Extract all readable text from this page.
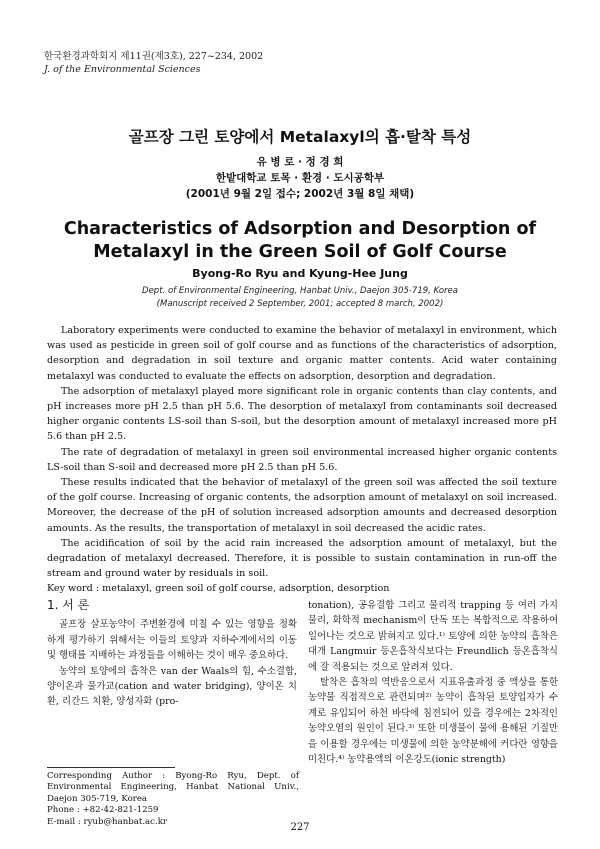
한국환경과학회지 제11권(제3호), 227~234, 2002
J. of the Environmental Sciences
골프장 그린 토양에서 Metalaxyl의 흡·탈착 특성
유 병 로 · 정 경 희
한밭대학교 토목 · 환경 · 도시공학부
(2001년 9월 2일 접수; 2002년 3월 8일 채택)
Characteristics of Adsorption and Desorption of
Metalaxyl in the Green Soil of Golf Course
Byong-Ro Ryu and Kyung-Hee Jung
Dept. of Environmental Engineering, Hanbat Univ., Daejon 305-719, Korea
(Manuscript received 2 September, 2001; accepted 8 march, 2002)

Laboratory experiments were conducted to examine the behavior of metalaxyl in environment, which was used as pesticide in green soil of golf course and as functions of the characteristics of adsorption, desorption and degradation in soil texture and organic matter contents. Acid water containing metalaxyl was conducted to evaluate the effects on adsorption, desorption and degradation.

The adsorption of metalaxyl played more significant role in organic contents than clay contents, and pH increases more pH 2.5 than pH 5.6. The desorption of metalaxyl from contaminants soil decreased higher organic contents LS-soil than S-soil, but the desorption amount of metalaxyl increased more pH 5.6 than pH 2.5.

The rate of degradation of metalaxyl in green soil environmental increased higher organic contents LS-soil than S-soil and decreased more pH 2.5 than pH 5.6.

These results indicated that the behavior of metalaxyl of the green soil was affected the soil texture of the golf course. Increasing of organic contents, the adsorption amount of metalaxyl on soil increased. Moreover, the decrease of the pH of solution increased adsorption amounts and decreased desorption amounts. As the results, the transportation of metalaxyl in soil decreased the acidic rates.

The acidification of soil by the acid rain increased the adsorption amount of metalaxyl, but the degradation of metalaxyl decreased. Therefore, it is possible to sustain contamination in run-off the stream and ground water by residuals in soil.

Key word : metalaxyl, green soil of golf course, adsorption, desorption

1. 서 론

골프장 살포농약이 주변환경에 미칠 수 있는 영향을 정확하게 평가하기 위해서는 이들의 토양과 지하수계에서의 이동 및 행태를 지배하는 과정들을 이해하는 것이 매우 중요하다.

농약의 토양에의 흡착은 van der Waals의 힘, 수소결합, 양이온과 물가교(cation and water bridging), 양이온 치환, 리간드 치환, 양성자화 (pro-

tonation), 공유결합 그리고 물리적 trapping 등 여러 가지 물리, 화학적 mechanism이 단독 또는 복합적으로 작용하여 일어나는 것으로 밝혀지고 있다.¹⁾ 토양에 의한 농약의 흡착은 대개 Langmuir 등온흡착식보다는 Freundlich 등온흡착식에 잘 적용되는 것으로 알려져 있다.

탈착은 흡착의 역반응으로서 지표유출과정 중 액상을 통한 농약물 직접적으로 관련되며²⁾ 농약이 흡착된 토양입자가 수계로 유입되어 하천 바닥에 침전되어 있을 경우에는 2차적인 농약오염의 원인이 된다.³⁾ 또한 미생물이 물에 용해된 기질만을 이용할 경우에는 미생물에 의한 농약분해에 커다란 영향을 미친다.⁴⁾ 농약용액의 이온강도(ionic strength)

Corresponding Author : Byong-Ro Ryu, Dept. of Environmental Engineering, Hanbat National Univ., Daejon 305-719, Korea

Phone : +82-42-821-1259

E-mail : ryub@hanbat.ac.kr

227
